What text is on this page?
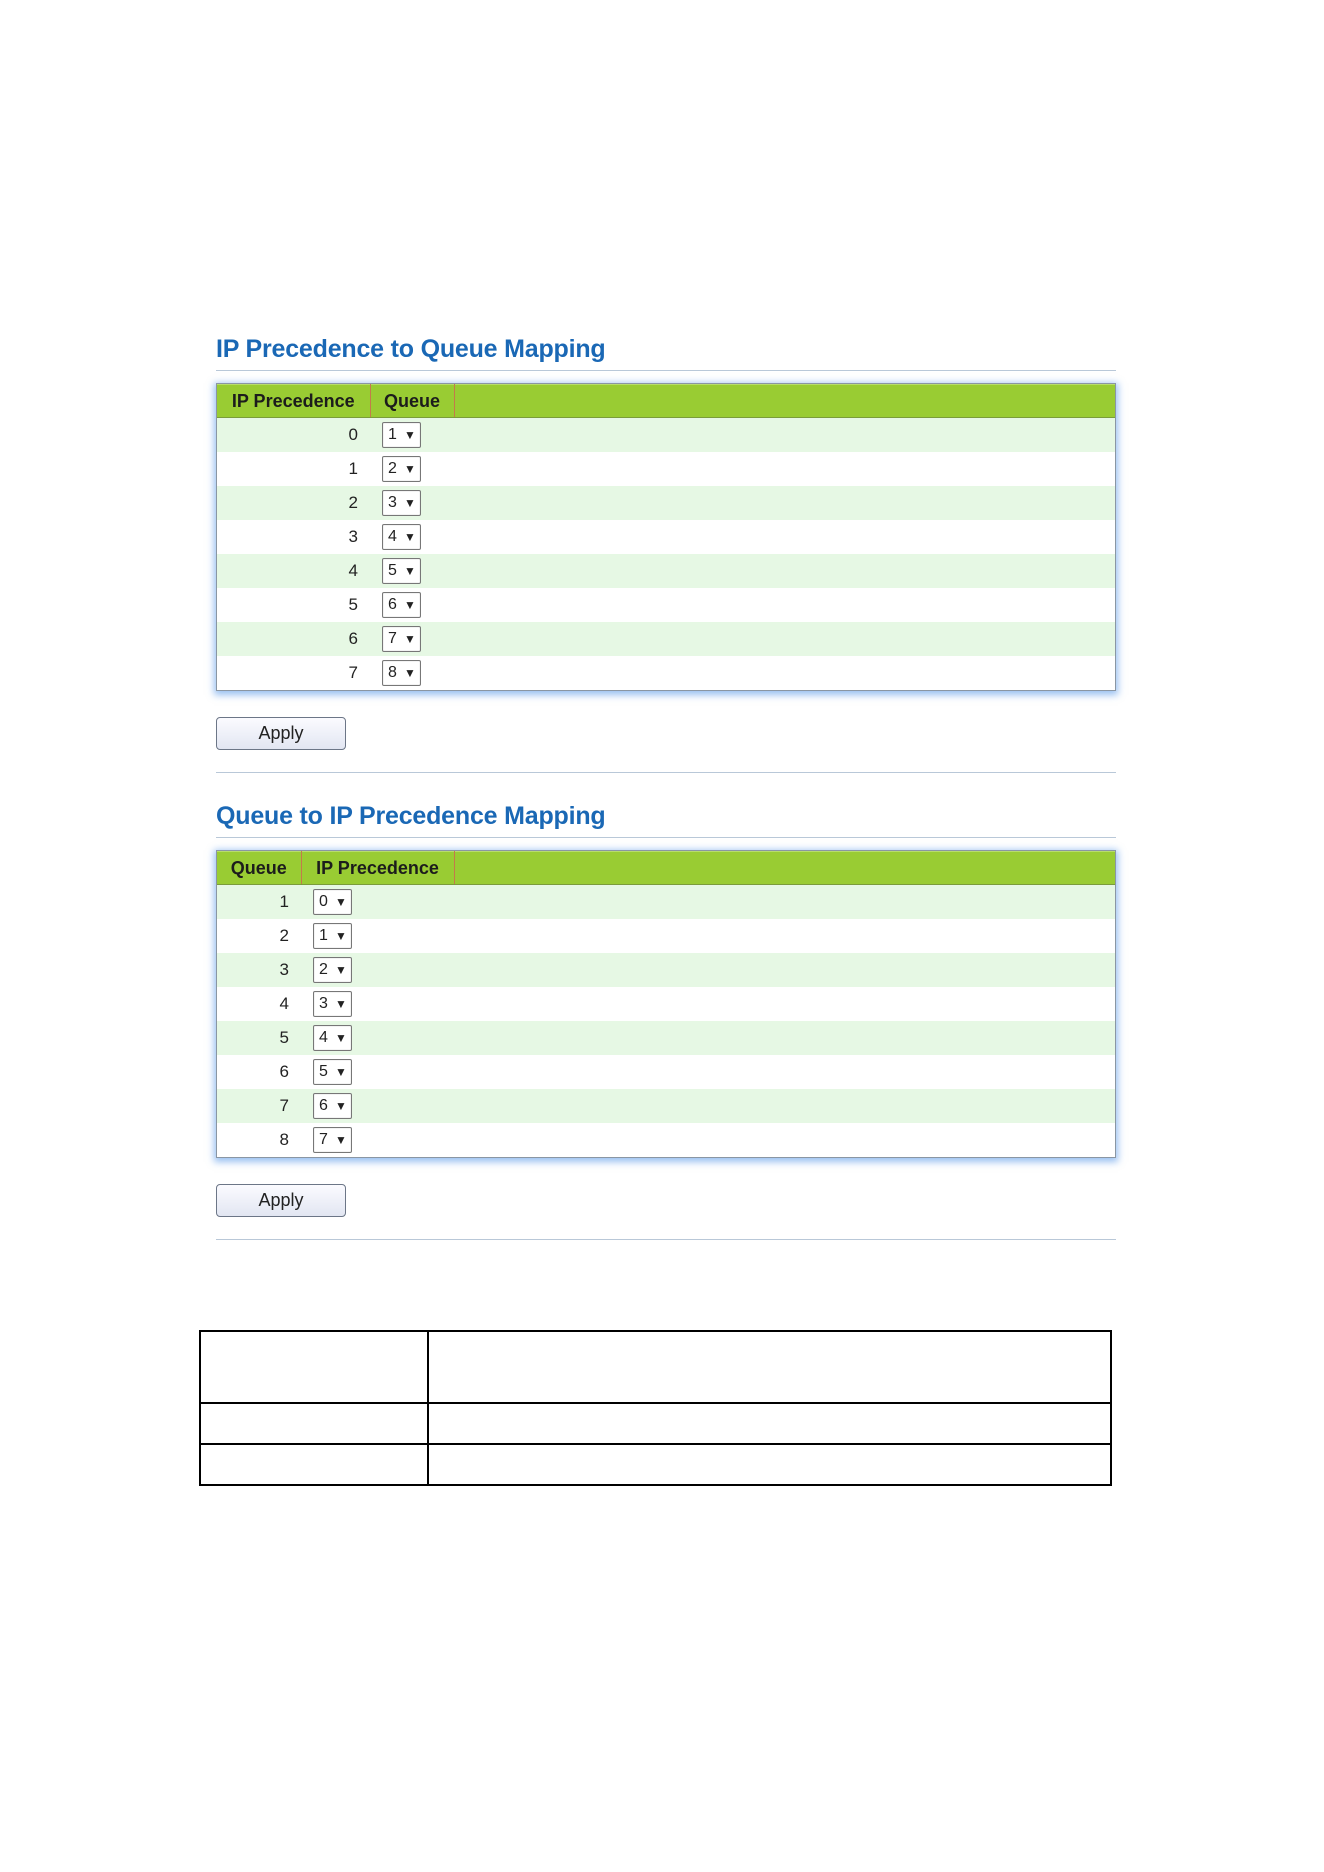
IP Precedence to Queue Mapping
IP Precedence	Queue	
0	1 ▼	
1	2 ▼	
2	3 ▼	
3	4 ▼	
4	5 ▼	
5	6 ▼	
6	7 ▼	
7	8 ▼	
Apply
Queue to IP Precedence Mapping
Queue	IP Precedence	
1	0 ▼	
2	1 ▼	
3	2 ▼	
4	3 ▼	
5	4 ▼	
6	5 ▼	
7	6 ▼	
8	7 ▼	
Apply
